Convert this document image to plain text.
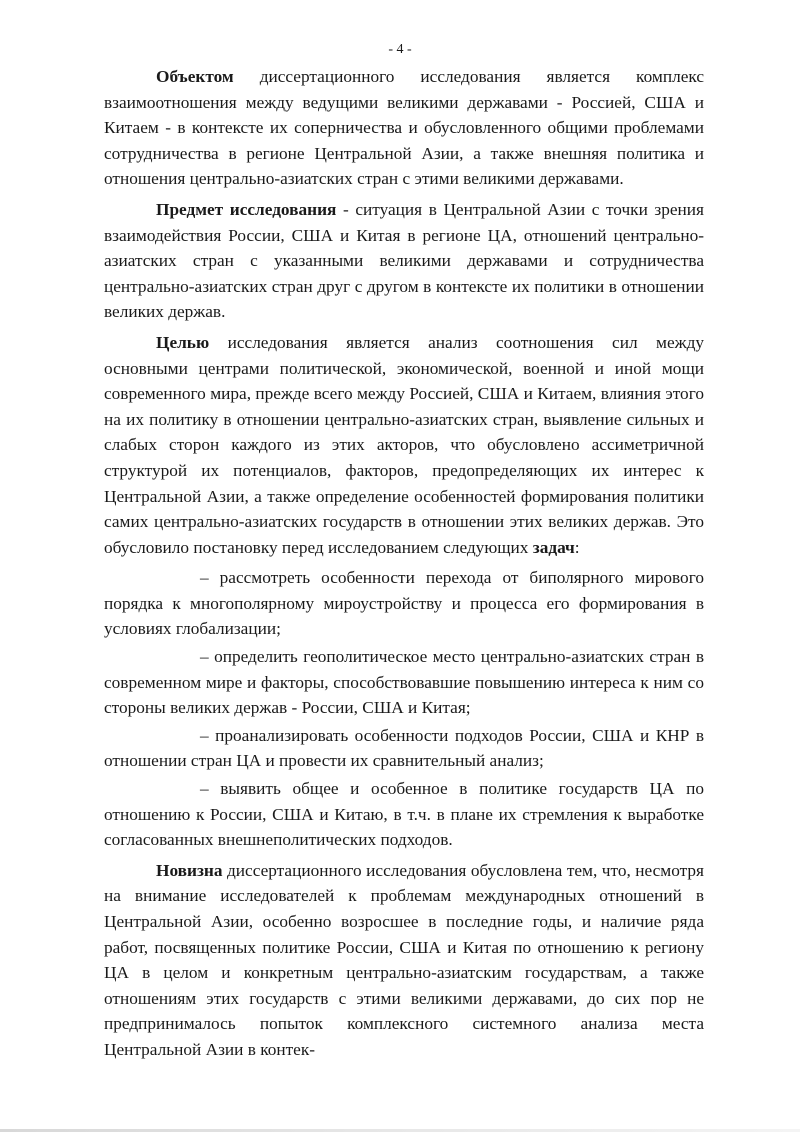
- 4 -

Объектом диссертационного исследования является комплекс взаимоотношения между ведущими великими державами - Россией, США и Китаем - в контексте их соперничества и обусловленного общими проблемами сотрудничества в регионе Центральной Азии, а также внешняя политика и отношения центрально-азиатских стран с этими великими державами.

Предмет исследования - ситуация в Центральной Азии с точки зрения взаимодействия России, США и Китая в регионе ЦА, отношений центрально-азиатских стран с указанными великими державами и сотрудничества центрально-азиатских стран друг с другом в контексте их политики в отношении великих держав.

Целью исследования является анализ соотношения сил между основными центрами политической, экономической, военной и иной мощи современного мира, прежде всего между Россией, США и Китаем, влияния этого на их политику в отношении центрально-азиатских стран, выявление сильных и слабых сторон каждого из этих акторов, что обусловлено ассиметричной структурой их потенциалов, факторов, предопределяющих их интерес к Центральной Азии, а также определение особенностей формирования политики самих центрально-азиатских государств в отношении этих великих держав. Это обусловило постановку перед исследованием следующих задач:

– рассмотреть особенности перехода от биполярного мирового порядка к многополярному мироустройству и процесса его формирования в условиях глобализации;

– определить геополитическое место центрально-азиатских стран в современном мире и факторы, способствовавшие повышению интереса к ним со стороны великих держав - России, США и Китая;

– проанализировать особенности подходов России, США и КНР в отношении стран ЦА и провести их сравнительный анализ;

– выявить общее и особенное в политике государств ЦА по отношению к России, США и Китаю, в т.ч. в плане их стремления к выработке согласованных внешнеполитических подходов.

Новизна диссертационного исследования обусловлена тем, что, несмотря на внимание исследователей к проблемам международных отношений в Центральной Азии, особенно возросшее в последние годы, и наличие ряда работ, посвященных политике России, США и Китая по отношению к региону ЦА в целом и конкретным центрально-азиатским государствам, а также отношениям этих государств с этими великими державами, до сих пор не предпринималось попыток комплексного системного анализа места Центральной Азии в контек-
